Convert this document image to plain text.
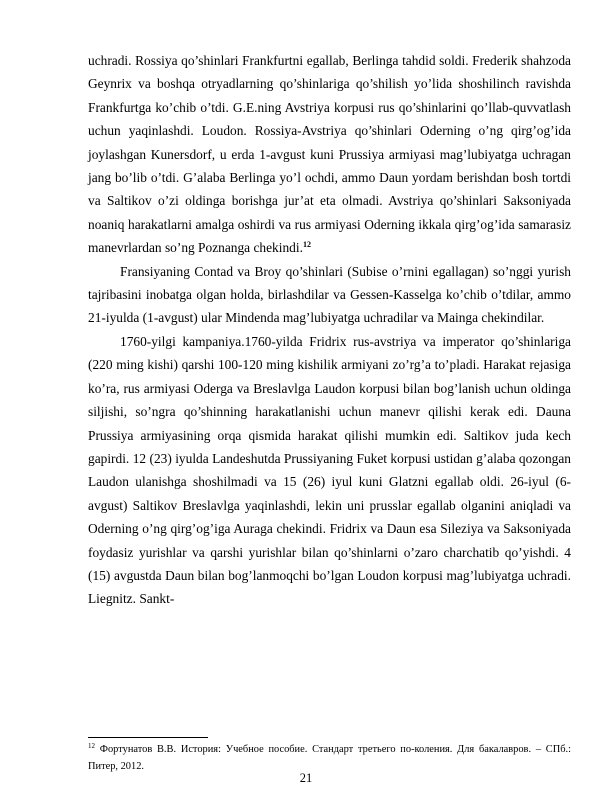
uchradi. Rossiya qo’shinlari Frankfurtni egallab, Berlinga tahdid soldi. Frederik shahzoda Geynrix va boshqa otryadlarning qo’shinlariga qo’shilish yo’lida shoshilinch ravishda Frankfurtga ko’chib o’tdi. G.E.ning Avstriya korpusi rus qo’shinlarini qo’llab-quvvatlash uchun yaqinlashdi. Loudon. Rossiya-Avstriya qo’shinlari Oderning o’ng qirg’og’ida joylashgan Kunersdorf, u erda 1-avgust kuni Prussiya armiyasi mag’lubiyatga uchragan jang bo’lib o’tdi. G’alaba Berlinga yo’l ochdi, ammo Daun yordam berishdan bosh tortdi va Saltikov o’zi oldinga borishga jur’at eta olmadi. Avstriya qo’shinlari Saksoniyada noaniq harakatlarni amalga oshirdi va rus armiyasi Oderning ikkala qirg’og’ida samarasiz manevrlardan so’ng Poznanga chekindi.$^{12}$

Fransiyaning Contad va Broy qo’shinlari (Subise o’rnini egallagan) so’nggi yurish tajribasini inobatga olgan holda, birlashdilar va Gessen-Kasselga ko’chib o’tdilar, ammo 21-iyulda (1-avgust) ular Mindenda mag’lubiyatga uchradilar va Mainga chekindilar.

1760-yilgi kampaniya.1760-yilda Fridrix rus-avstriya va imperator qo’shinlariga (220 ming kishi) qarshi 100-120 ming kishilik armiyani zo’rg’a to’pladi. Harakat rejasiga ko’ra, rus armiyasi Oderga va Breslavlga Laudon korpusi bilan bog’lanish uchun oldinga siljishi, so’ngra qo’shinning harakatlanishi uchun manevr qilishi kerak edi. Dauna Prussiya armiyasining orqa qismida harakat qilishi mumkin edi. Saltikov juda kech gapirdi. 12 (23) iyulda Landeshutda Prussiyaning Fuket korpusi ustidan g’alaba qozongan Laudon ulanishga shoshilmadi va 15 (26) iyul kuni Glatzni egallab oldi. 26-iyul (6-avgust) Saltikov Breslavlga yaqinlashdi, lekin uni prusslar egallab olganini aniqladi va Oderning o’ng qirg’og’iga Auraga chekindi. Fridrix va Daun esa Sileziya va Saksoniyada foydasiz yurishlar va qarshi yurishlar bilan qo’shinlarni o’zaro charchatib qo’yishdi. 4 (15) avgustda Daun bilan bog’lanmoqchi bo’lgan Loudon korpusi mag’lubiyatga uchradi. Liegnitz. Sankt-

$^{12}$ Фортунатов В.В. История: Учебное пособие. Стандарт третьего по-коления. Для бакалавров. – СПб.: Питер, 2012.

21
